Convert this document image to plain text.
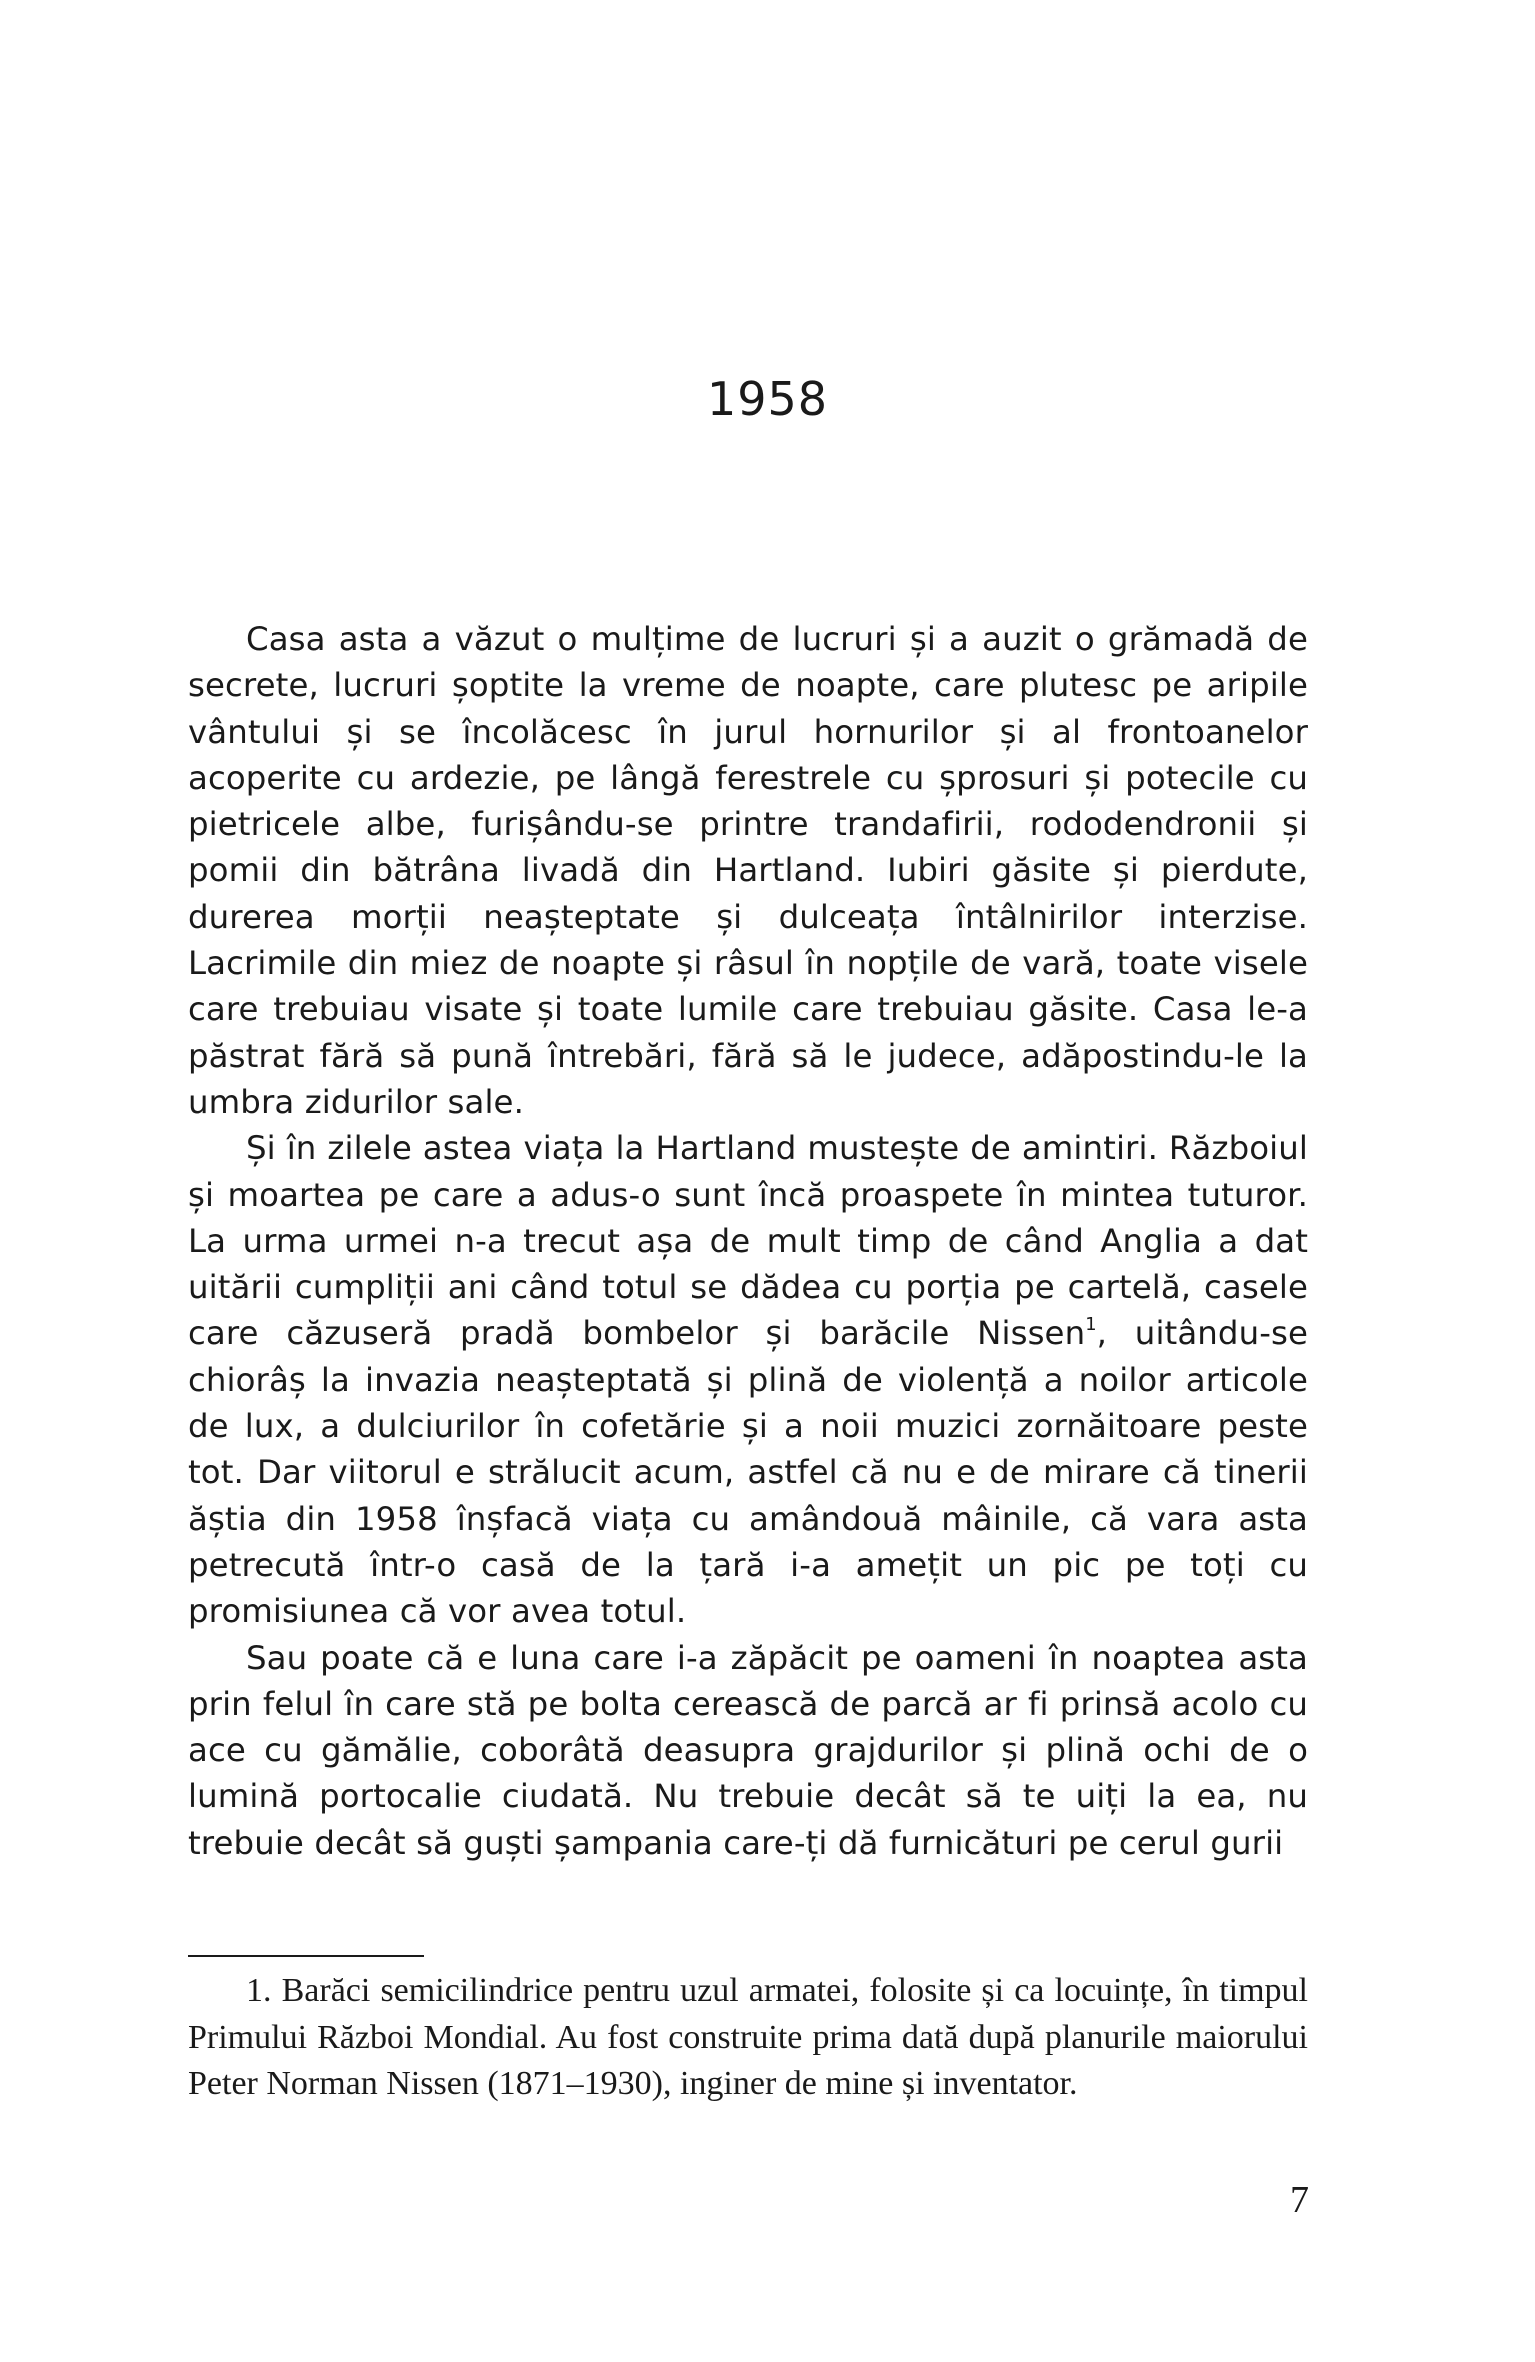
1958

Casa asta a văzut o mulțime de lucruri și a auzit o grămadă de secrete, lucruri șoptite la vreme de noapte, care plutesc pe aripile vântului și se încolăcesc în jurul hornurilor și al frontoanelor acoperite cu ardezie, pe lângă ferestrele cu șprosuri și potecile cu pietricele albe, furișându-se printre trandafirii, rododendronii și pomii din bătrâna livadă din Hartland. Iubiri găsite și pierdute, durerea morții neașteptate și dulceața întâlnirilor interzise. Lacrimile din miez de noapte și râsul în nopțile de vară, toate visele care trebuiau visate și toate lumile care trebuiau găsite. Casa le-a păstrat fără să pună întrebări, fără să le judece, adăpostindu-le la umbra zidurilor sale.

Și în zilele astea viața la Hartland mustește de amintiri. Războiul și moartea pe care a adus-o sunt încă proaspete în mintea tuturor. La urma urmei n-a trecut așa de mult timp de când Anglia a dat uitării cumpliții ani când totul se dădea cu porția pe cartelă, casele care căzuseră pradă bombelor și barăcile Nissen$^1$, uitându-se chiorâș la invazia neașteptată și plină de violență a noilor articole de lux, a dulciurilor în cofetărie și a noii muzici zornăitoare peste tot. Dar viitorul e strălucit acum, astfel că nu e de mirare că tinerii ăștia din 1958 înșfacă viața cu amândouă mâinile, că vara asta petrecută într-o casă de la țară i-a amețit un pic pe toți cu promisiunea că vor avea totul.

Sau poate că e luna care i-a zăpăcit pe oameni în noaptea asta prin felul în care stă pe bolta cerească de parcă ar fi prinsă acolo cu ace cu gămălie, coborâtă deasupra grajdurilor și plină ochi de o lumină portocalie ciudată. Nu trebuie decât să te uiți la ea, nu trebuie decât să guști șampania care-ți dă furnicături pe cerul gurii

1. Barăci semicilindrice pentru uzul armatei, folosite și ca locuințe, în timpul Primului Război Mondial. Au fost construite prima dată după planurile maiorului Peter Norman Nissen (1871–1930), inginer de mine și inventator.

7
